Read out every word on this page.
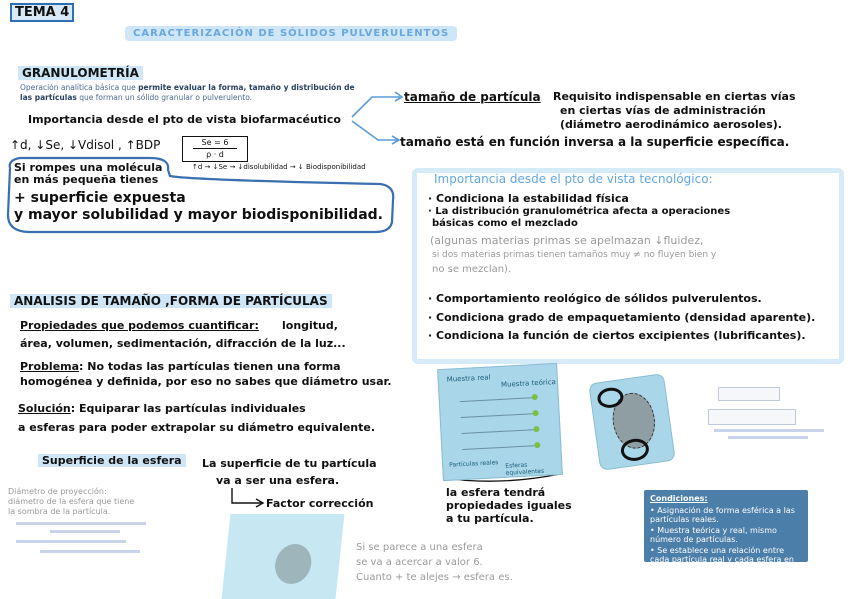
TEMA 4
CARACTERIZACIÓN DE SÓLIDOS PULVERULENTOS
GRANULOMETRÍA
Operación analítica básica que permite evaluar la forma, tamaño y distribución de las partículas que forman un sólido granular o pulverulento.
Importancia desde el pto de vista biofarmacéutico
↑d, ↓Se, ↓Vdisol , ↑BDP	Se = 6
ρ · d
↑d → ↓Se → ↓disolubilidad → ↓ Biodisponibilidad
Si rompes una molécula
en más pequeña tienes
+ superficie expuesta
y mayor solubilidad y mayor biodisponibilidad.
tamaño de partícula Requisito indispensable en ciertas vías
en ciertas vías de administración
(diámetro aerodinámico aerosoles).
tamaño está en función inversa a la superficie específica.
Importancia desde el pto de vista tecnológico:
· Condiciona la estabilidad física
· La distribución granulométrica afecta a operaciones
básicas como el mezclado
(algunas materias primas se apelmazan ↓fluidez,
si dos materias primas tienen tamaños muy ≠ no fluyen bien y
no se mezclan).
· Comportamiento reológico de sólidos pulverulentos.
· Condiciona grado de empaquetamiento (densidad aparente).
· Condiciona la función de ciertos excipientes (lubrificantes).
ANALISIS DE TAMAÑO ,FORMA DE PARTÍCULAS
Propiedades que podemos cuantificar: longitud,
área, volumen, sedimentación, difracción de la luz...
Problema: No todas las partículas tienen una forma
homogénea y definida, por eso no sabes que diámetro usar.
Solución: Equiparar las partículas individuales
a esferas para poder extrapolar su diámetro equivalente.
Superficie de la esfera	La superficie de tu partícula
va a ser una esfera.
Factor corrección
Diámetro de proyección:
diámetro de la esfera que tiene
la sombra de la partícula.
Muestra real Muestra teórica
Partículas reales Esferas equivalentes
la esfera tendrá
propiedades iguales
a tu partícula.
Condiciones:
• Asignación de forma esférica a las partículas reales.
• Muestra teórica y real, mismo número de partículas.
• Se establece una relación entre cada partícula real y cada esfera en función de una serie de propiedades.
Si se parece a una esfera
se va a acercar a valor 6.
Cuanto + te alejes → esfera es.
